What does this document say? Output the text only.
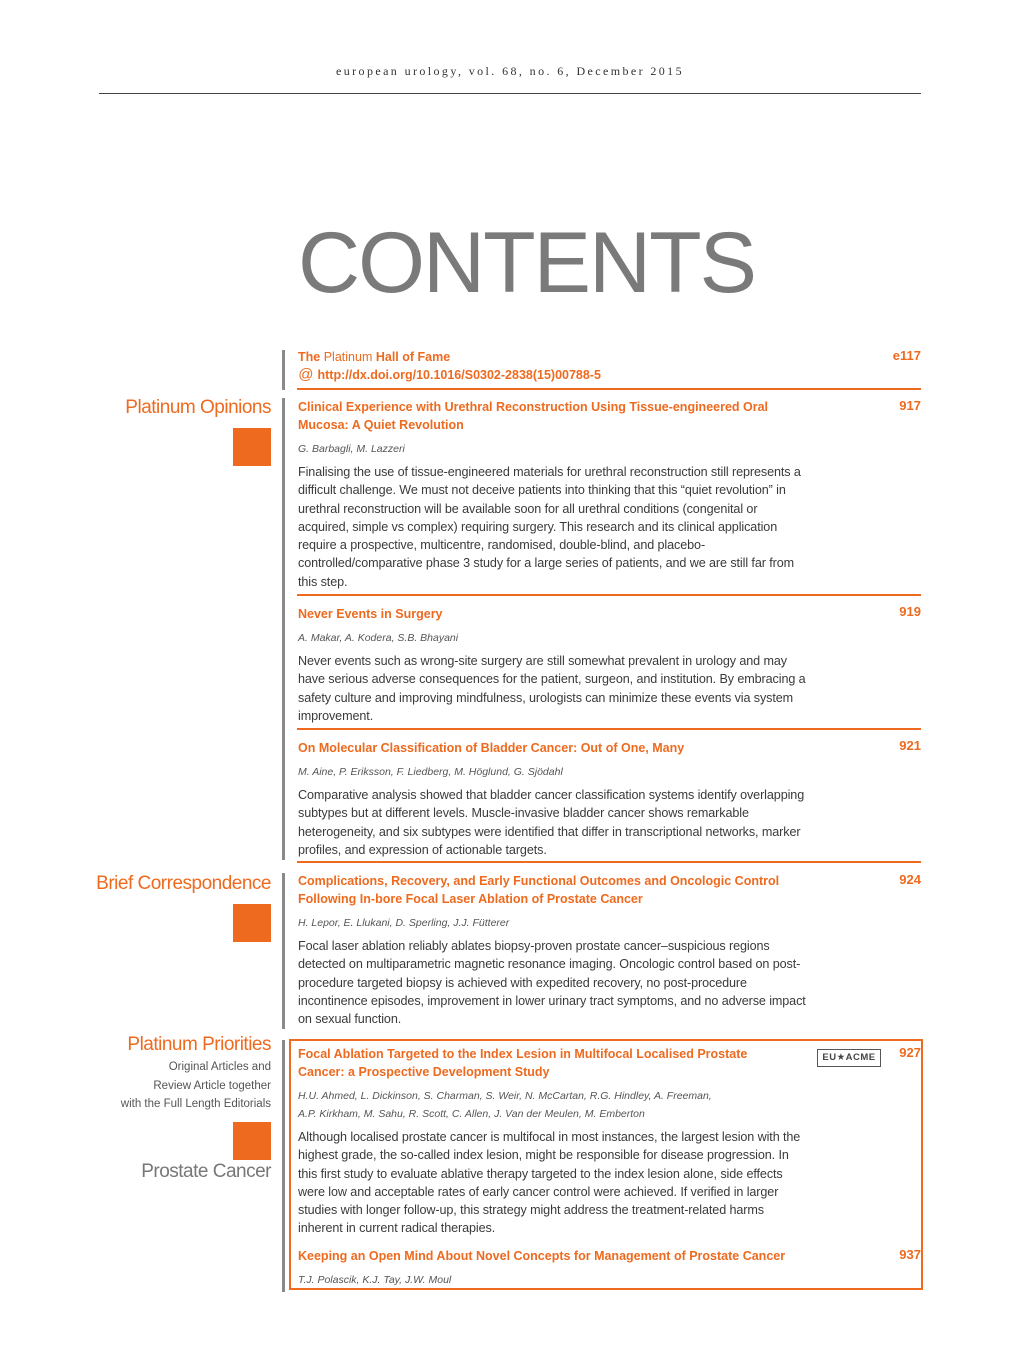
european urology, vol. 68, no. 6, December 2015
CONTENTS
Platinum Opinions
Brief Correspondence
Platinum Priorities
Original Articles and
Review Article together
with the Full Length Editorials
Prostate Cancer
The Platinum Hall of Fame
@ http://dx.doi.org/10.1016/S0302-2838(15)00788-5
e117
Clinical Experience with Urethral Reconstruction Using Tissue-engineered Oral Mucosa: A Quiet Revolution
G. Barbagli, M. Lazzeri
Finalising the use of tissue-engineered materials for urethral reconstruction still represents a difficult challenge. We must not deceive patients into thinking that this “quiet revolution” in urethral reconstruction will be available soon for all urethral conditions (congenital or acquired, simple vs complex) requiring surgery. This research and its clinical application require a prospective, multicentre, randomised, double-blind, and placebo-controlled/comparative phase 3 study for a large series of patients, and we are still far from this step.
917
Never Events in Surgery
A. Makar, A. Kodera, S.B. Bhayani
Never events such as wrong-site surgery are still somewhat prevalent in urology and may have serious adverse consequences for the patient, surgeon, and institution. By embracing a safety culture and improving mindfulness, urologists can minimize these events via system improvement.
919
On Molecular Classification of Bladder Cancer: Out of One, Many
M. Aine, P. Eriksson, F. Liedberg, M. Höglund, G. Sjödahl
Comparative analysis showed that bladder cancer classification systems identify overlapping subtypes but at different levels. Muscle-invasive bladder cancer shows remarkable heterogeneity, and six subtypes were identified that differ in transcriptional networks, marker profiles, and expression of actionable targets.
921
Complications, Recovery, and Early Functional Outcomes and Oncologic Control Following In-bore Focal Laser Ablation of Prostate Cancer
H. Lepor, E. Llukani, D. Sperling, J.J. Fütterer
Focal laser ablation reliably ablates biopsy-proven prostate cancer–suspicious regions detected on multiparametric magnetic resonance imaging. Oncologic control based on post-procedure targeted biopsy is achieved with expedited recovery, no post-procedure incontinence episodes, improvement in lower urinary tract symptoms, and no adverse impact on sexual function.
924
Focal Ablation Targeted to the Index Lesion in Multifocal Localised Prostate Cancer: a Prospective Development Study
H.U. Ahmed, L. Dickinson, S. Charman, S. Weir, N. McCartan, R.G. Hindley, A. Freeman,
A.P. Kirkham, M. Sahu, R. Scott, C. Allen, J. Van der Meulen, M. Emberton
Although localised prostate cancer is multifocal in most instances, the largest lesion with the highest grade, the so-called index lesion, might be responsible for disease progression. In this first study to evaluate ablative therapy targeted to the index lesion alone, side effects were low and acceptable rates of early cancer control were achieved. If verified in larger studies with longer follow-up, this strategy might address the treatment-related harms inherent in current radical therapies.
EU★ACME	927
Keeping an Open Mind About Novel Concepts for Management of Prostate Cancer
T.J. Polascik, K.J. Tay, J.W. Moul
937
